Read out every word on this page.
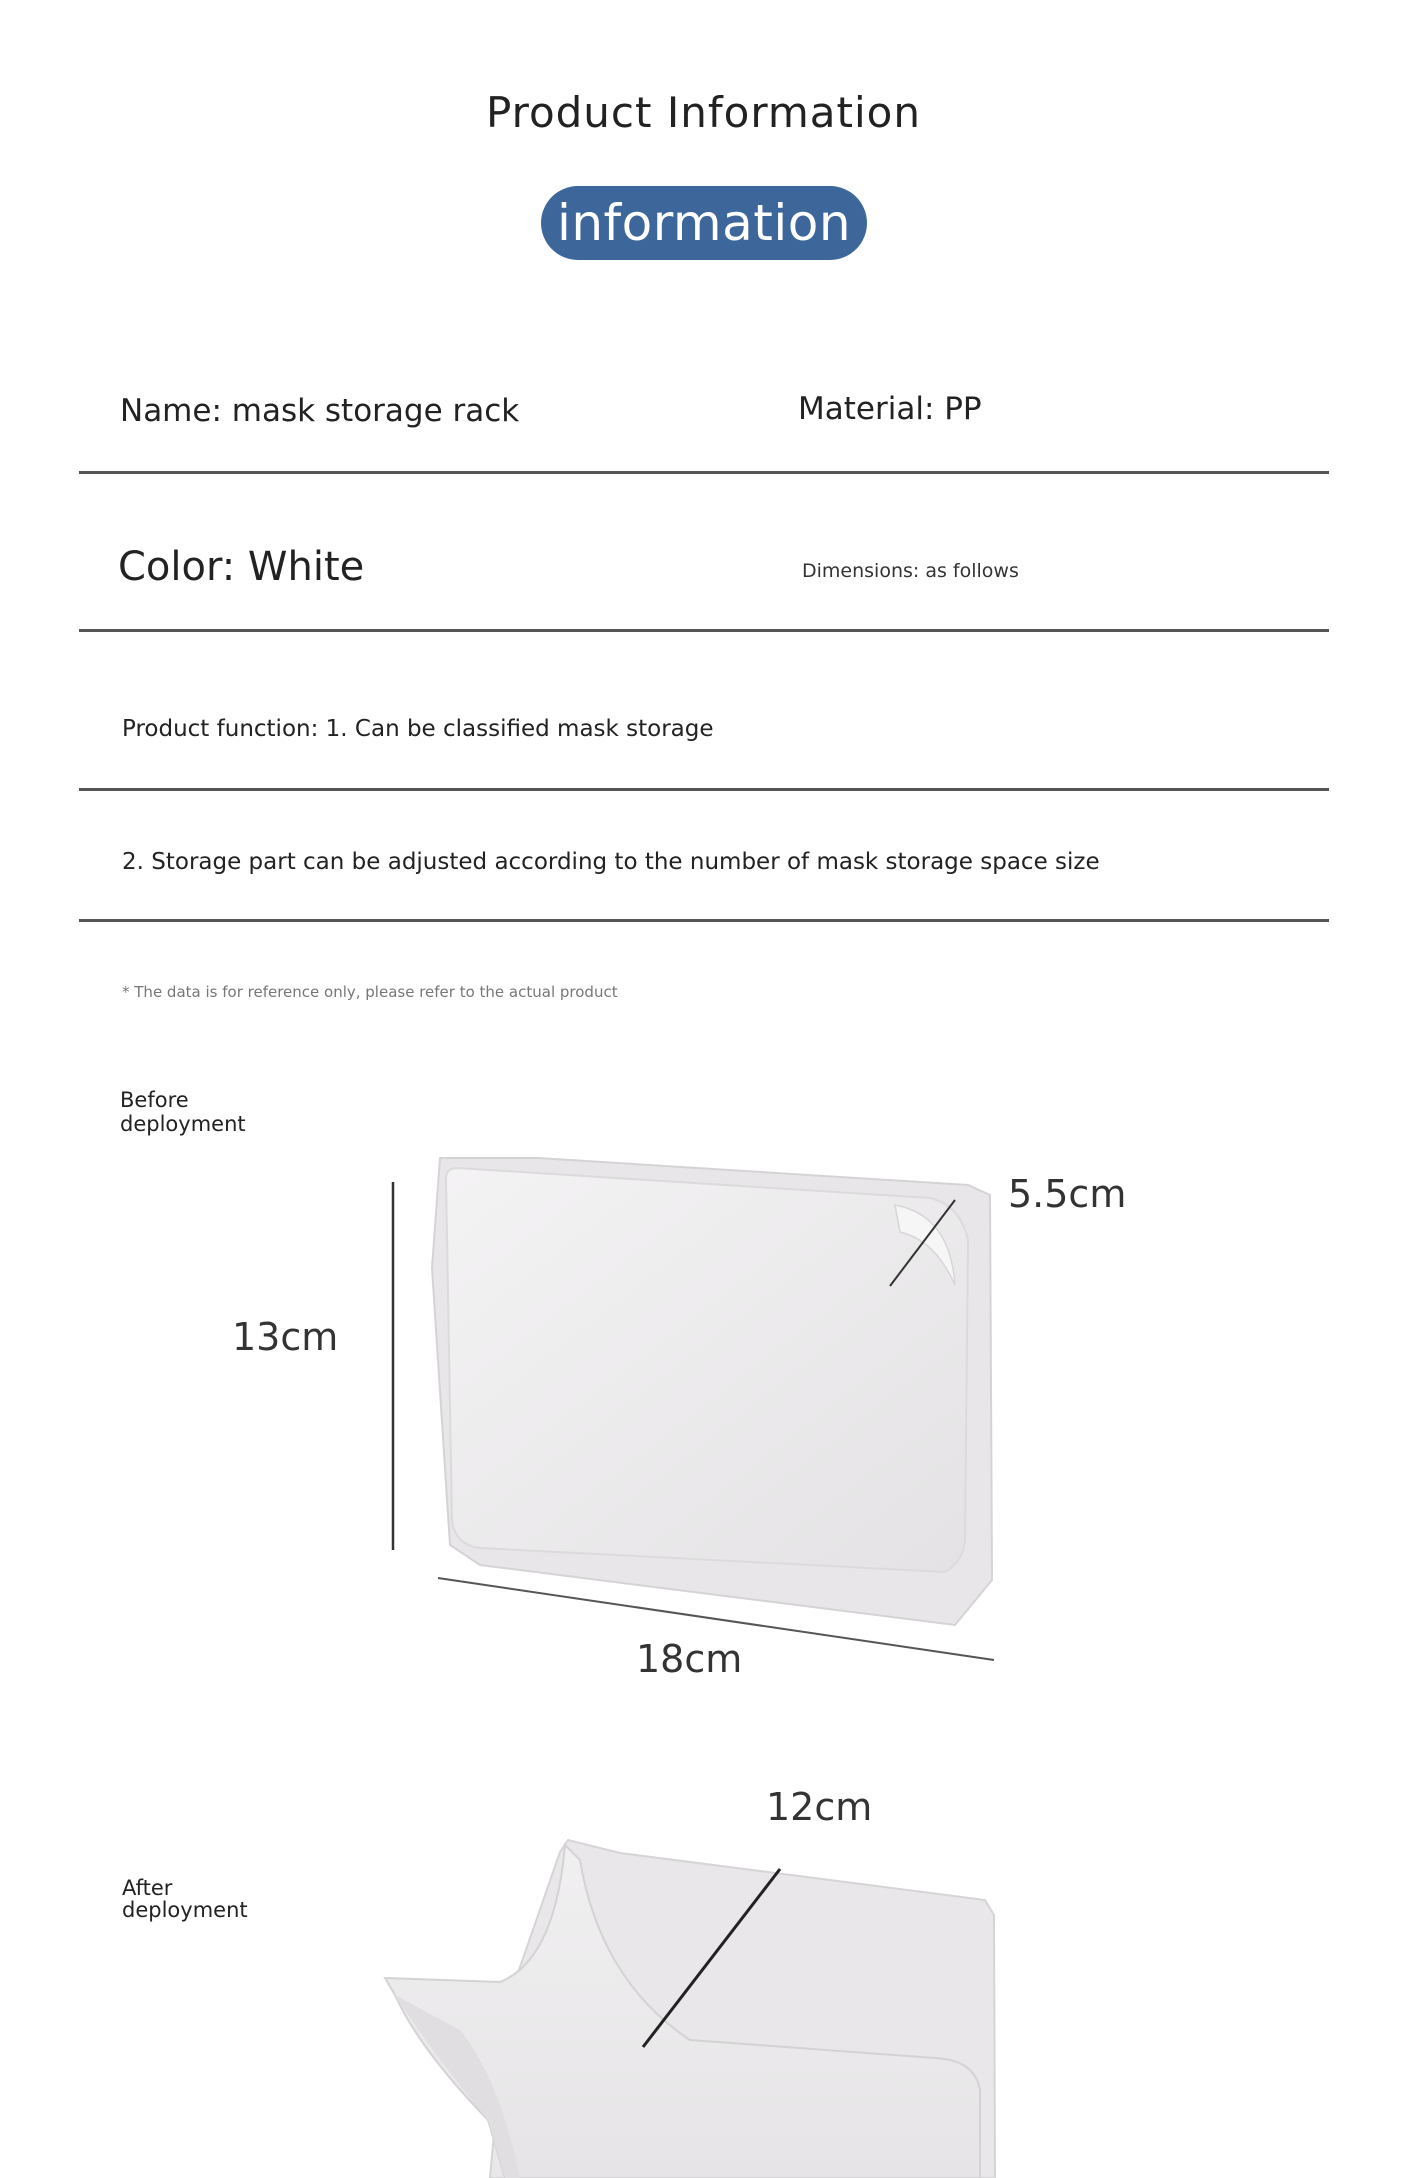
Product Information
information
Name: mask storage rack	Material: PP
Color: White	Dimensions: as follows
Product function: 1. Can be classified mask storage
2. Storage part can be adjusted according to the number of mask storage space size
* The data is for reference only, please refer to the actual product
Before deployment
13cm
5.5cm
18cm
After deployment
12cm
